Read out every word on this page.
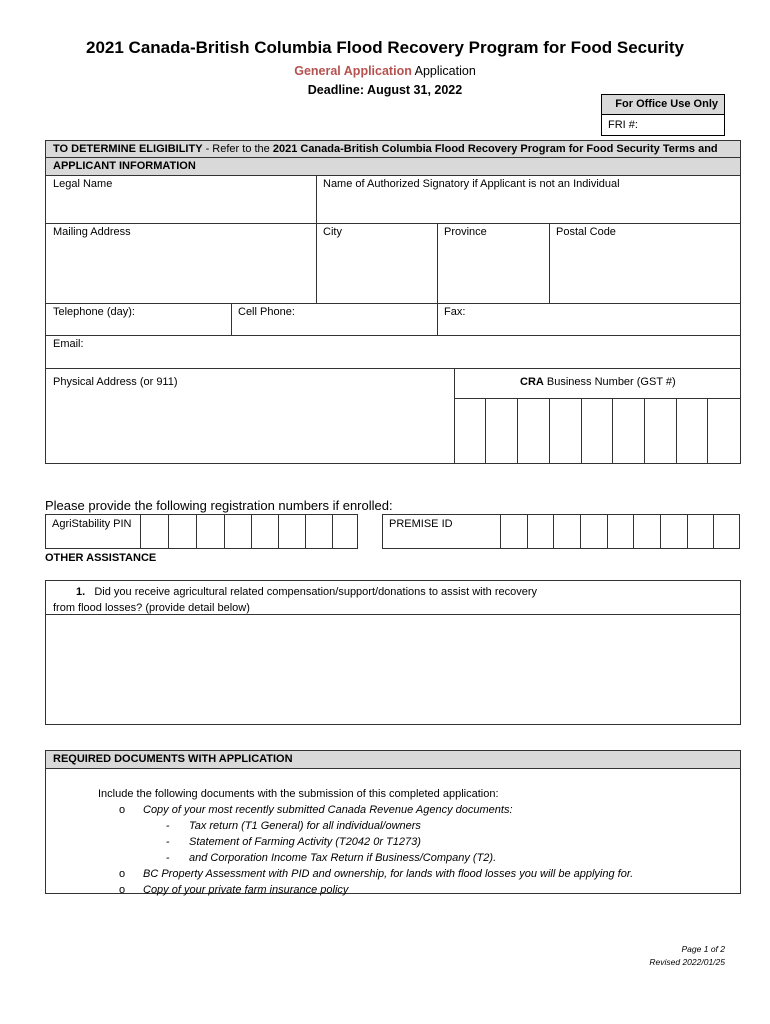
2021 Canada-British Columbia Flood Recovery Program for Food Security
General Application Application
Deadline: August 31, 2022
For Office Use Only
FRI #:
TO DETERMINE ELIGIBILITY - Refer to the 2021 Canada-British Columbia Flood Recovery Program for Food Security Terms and
APPLICANT INFORMATION
Legal Name	Name of Authorized Signatory if Applicant is not an Individual
Mailing Address	City	Province	Postal Code
Telephone (day):	Cell Phone:	Fax:
Email:
Physical Address (or 911)	CRA Business Number (GST #)
Please provide the following registration numbers if enrolled:
AgriStability PIN	PREMISE ID
OTHER ASSISTANCE
1. Did you receive agricultural related compensation/support/donations to assist with recovery
from flood losses? (provide detail below)
REQUIRED DOCUMENTS WITH APPLICATION
Include the following documents with the submission of this completed application:
o Copy of your most recently submitted Canada Revenue Agency documents:
- Tax return (T1 General) for all individual/owners
- Statement of Farming Activity (T2042 0r T1273)
- and Corporation Income Tax Return if Business/Company (T2).
o BC Property Assessment with PID and ownership, for lands with flood losses you will be applying for.
o Copy of your private farm insurance policy
Page 1 of 2
Revised 2022/01/25
